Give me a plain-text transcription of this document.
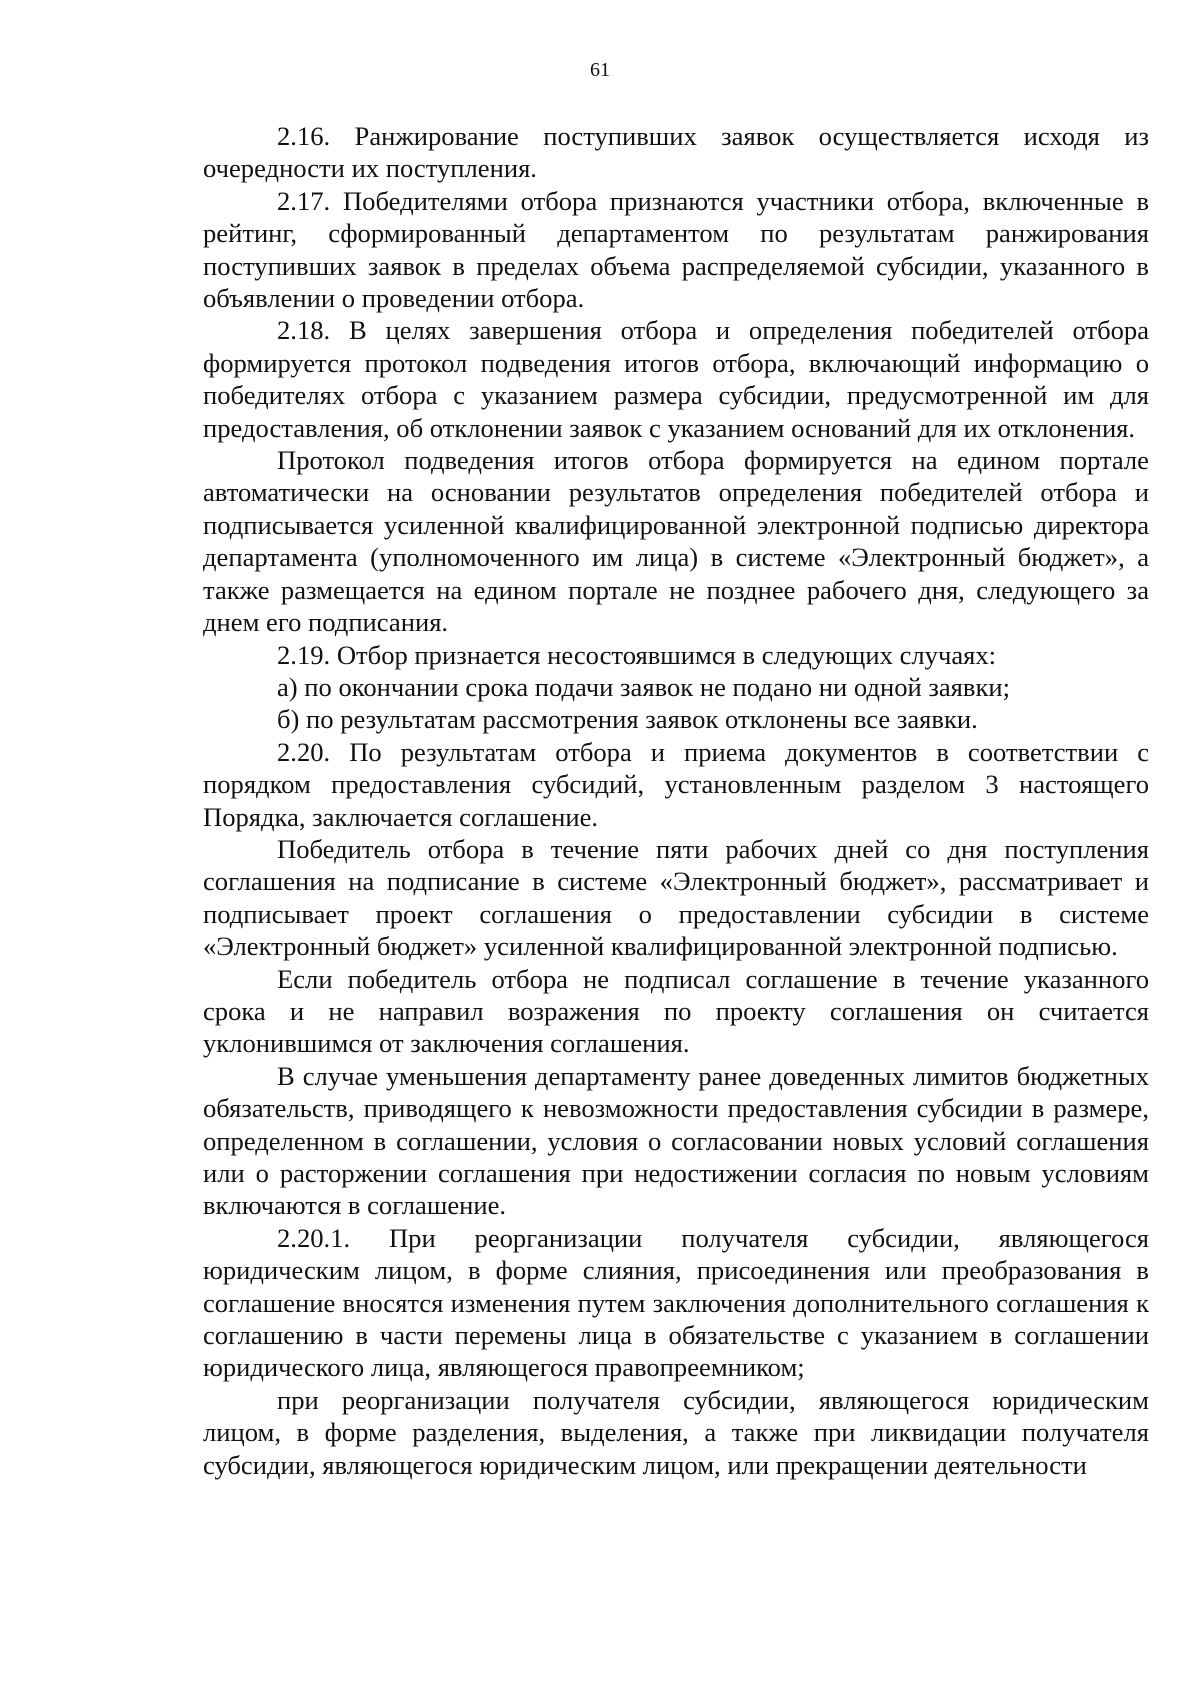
61

2.16. Ранжирование поступивших заявок осуществляется исходя из очередности их поступления.

2.17. Победителями отбора признаются участники отбора, включенные в рейтинг, сформированный департаментом по результатам ранжирования поступивших заявок в пределах объема распределяемой субсидии, указанного в объявлении о проведении отбора.

2.18. В целях завершения отбора и определения победителей отбора формируется протокол подведения итогов отбора, включающий информацию о победителях отбора с указанием размера субсидии, предусмотренной им для предоставления, об отклонении заявок с указанием оснований для их отклонения.

Протокол подведения итогов отбора формируется на едином портале автоматически на основании результатов определения победителей отбора и подписывается усиленной квалифицированной электронной подписью директора департамента (уполномоченного им лица) в системе «Электронный бюджет», а также размещается на едином портале не позднее рабочего дня, следующего за днем его подписания.

2.19. Отбор признается несостоявшимся в следующих случаях:

а) по окончании срока подачи заявок не подано ни одной заявки;

б) по результатам рассмотрения заявок отклонены все заявки.

2.20. По результатам отбора и приема документов в соответствии с порядком предоставления субсидий, установленным разделом 3 настоящего Порядка, заключается соглашение.

Победитель отбора в течение пяти рабочих дней со дня поступления соглашения на подписание в системе «Электронный бюджет», рассматривает и подписывает проект соглашения о предоставлении субсидии в системе «Электронный бюджет» усиленной квалифицированной электронной подписью.

Если победитель отбора не подписал соглашение в течение указанного срока и не направил возражения по проекту соглашения он считается уклонившимся от заключения соглашения.

В случае уменьшения департаменту ранее доведенных лимитов бюджетных обязательств, приводящего к невозможности предоставления субсидии в размере, определенном в соглашении, условия о согласовании новых условий соглашения или о расторжении соглашения при недостижении согласия по новым условиям включаются в соглашение.

2.20.1. При реорганизации получателя субсидии, являющегося юридическим лицом, в форме слияния, присоединения или преобразования в соглашение вносятся изменения путем заключения дополнительного соглашения к соглашению в части перемены лица в обязательстве с указанием в соглашении юридического лица, являющегося правопреемником;

при реорганизации получателя субсидии, являющегося юридическим лицом, в форме разделения, выделения, а также при ликвидации получателя субсидии, являющегося юридическим лицом, или прекращении деятельности
